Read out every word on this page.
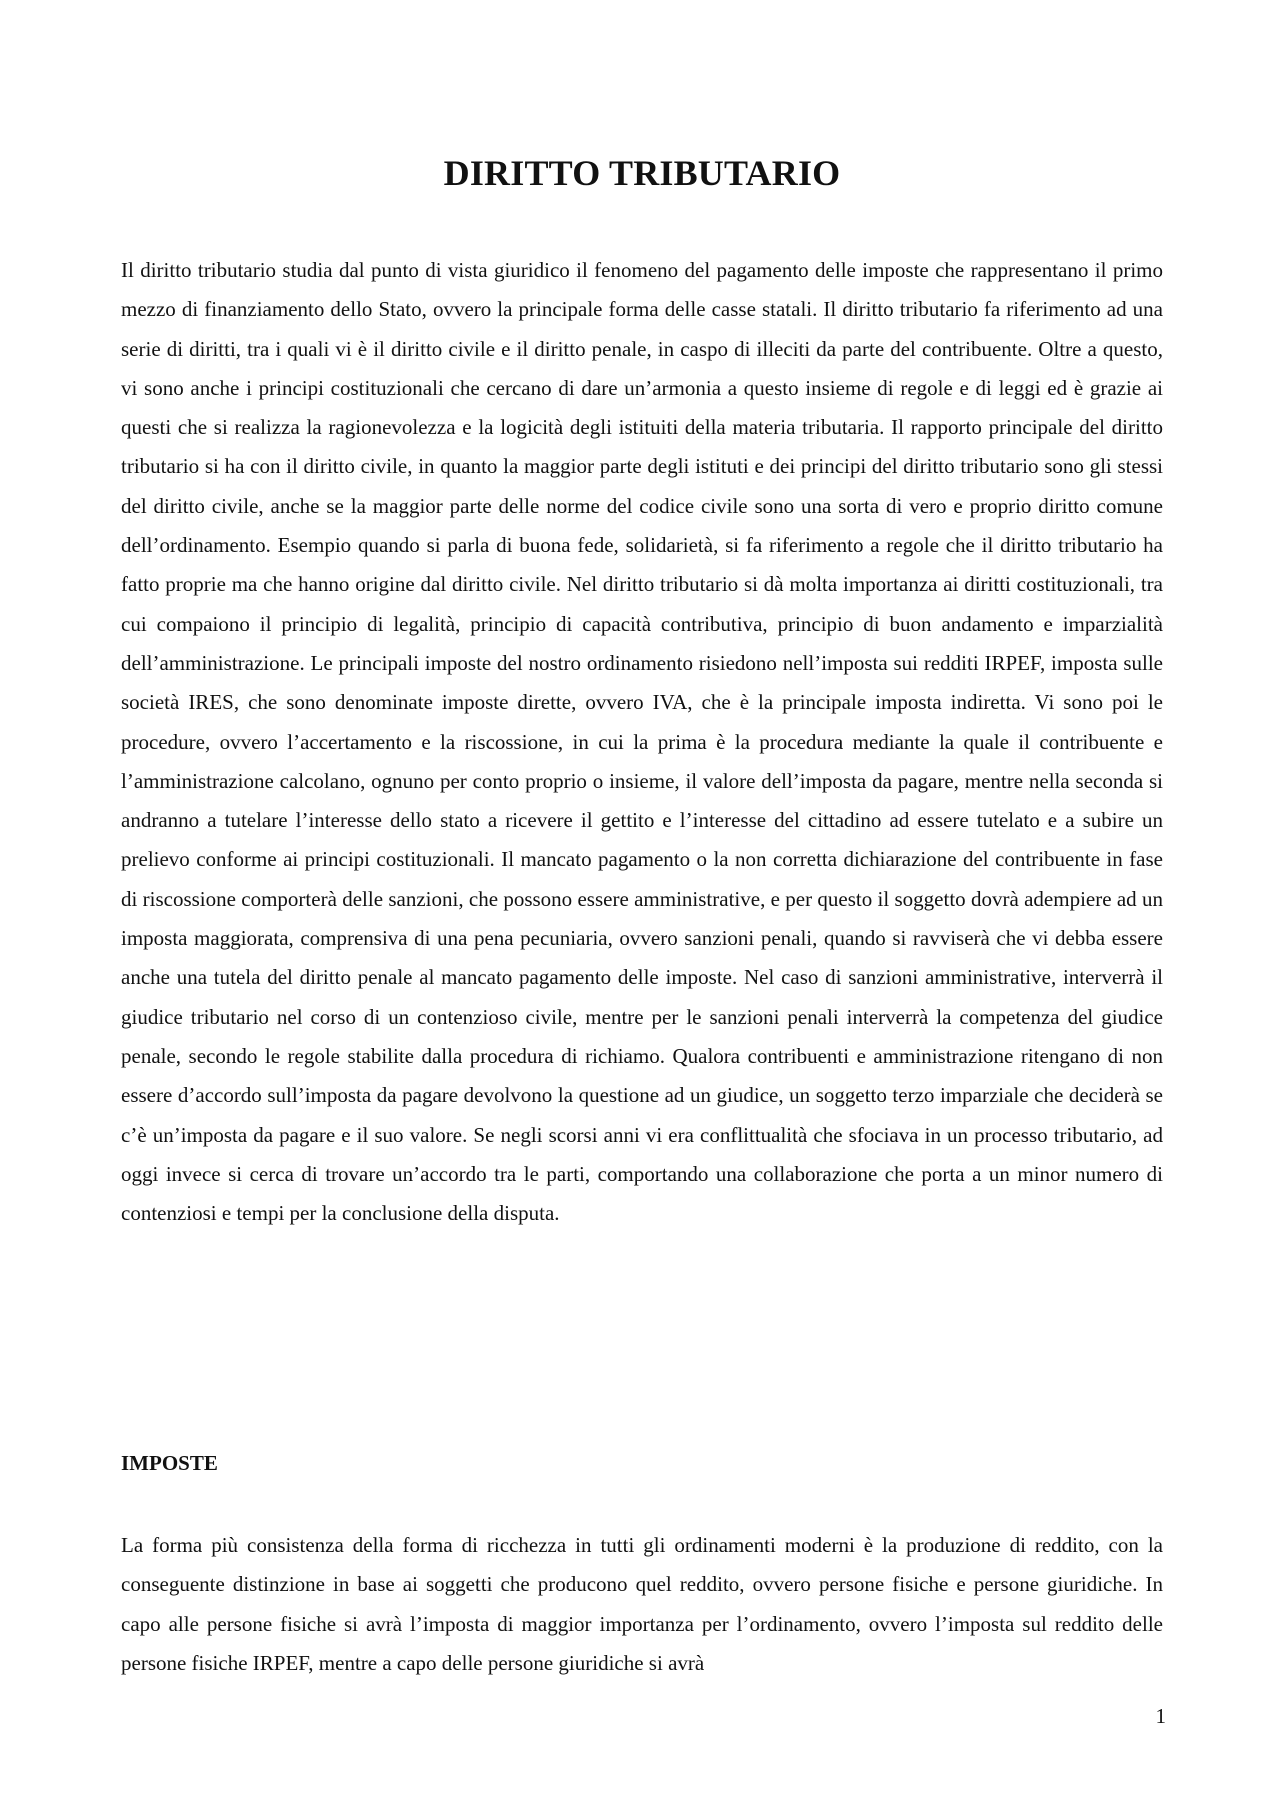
DIRITTO TRIBUTARIO

Il diritto tributario studia dal punto di vista giuridico il fenomeno del pagamento delle imposte che rappresentano il primo mezzo di finanziamento dello Stato, ovvero la principale forma delle casse statali. Il diritto tributario fa riferimento ad una serie di diritti, tra i quali vi è il diritto civile e il diritto penale, in caspo di illeciti da parte del contribuente. Oltre a questo, vi sono anche i principi costituzionali che cercano di dare un’armonia a questo insieme di regole e di leggi ed è grazie ai questi che si realizza la ragionevolezza e la logicità degli istituiti della materia tributaria. Il rapporto principale del diritto tributario si ha con il diritto civile, in quanto la maggior parte degli istituti e dei principi del diritto tributario sono gli stessi del diritto civile, anche se la maggior parte delle norme del codice civile sono una sorta di vero e proprio diritto comune dell’ordinamento. Esempio quando si parla di buona fede, solidarietà, si fa riferimento a regole che il diritto tributario ha fatto proprie ma che hanno origine dal diritto civile. Nel diritto tributario si dà molta importanza ai diritti costituzionali, tra cui compaiono il principio di legalità, principio di capacità contributiva, principio di buon andamento e imparzialità dell’amministrazione. Le principali imposte del nostro ordinamento risiedono nell’imposta sui redditi IRPEF, imposta sulle società IRES, che sono denominate imposte dirette, ovvero IVA, che è la principale imposta indiretta. Vi sono poi le procedure, ovvero l’accertamento e la riscossione, in cui la prima è la procedura mediante la quale il contribuente e l’amministrazione calcolano, ognuno per conto proprio o insieme, il valore dell’imposta da pagare, mentre nella seconda si andranno a tutelare l’interesse dello stato a ricevere il gettito e l’interesse del cittadino ad essere tutelato e a subire un prelievo conforme ai principi costituzionali. Il mancato pagamento o la non corretta dichiarazione del contribuente in fase di riscossione comporterà delle sanzioni, che possono essere amministrative, e per questo il soggetto dovrà adempiere ad un imposta maggiorata, comprensiva di una pena pecuniaria, ovvero sanzioni penali, quando si ravviserà che vi debba essere anche una tutela del diritto penale al mancato pagamento delle imposte. Nel caso di sanzioni amministrative, interverrà il giudice tributario nel corso di un contenzioso civile, mentre per le sanzioni penali interverrà la competenza del giudice penale, secondo le regole stabilite dalla procedura di richiamo. Qualora contribuenti e amministrazione ritengano di non essere d’accordo sull’imposta da pagare devolvono la questione ad un giudice, un soggetto terzo imparziale che deciderà se c’è un’imposta da pagare e il suo valore. Se negli scorsi anni vi era conflittualità che sfociava in un processo tributario, ad oggi invece si cerca di trovare un’accordo tra le parti, comportando una collaborazione che porta a un minor numero di contenziosi e tempi per la conclusione della disputa.

IMPOSTE

La forma più consistenza della forma di ricchezza in tutti gli ordinamenti moderni è la produzione di reddito, con la conseguente distinzione in base ai soggetti che producono quel reddito, ovvero persone fisiche e persone giuridiche. In capo alle persone fisiche si avrà l’imposta di maggior importanza per l’ordinamento, ovvero l’imposta sul reddito delle persone fisiche IRPEF, mentre a capo delle persone giuridiche si avrà

1
